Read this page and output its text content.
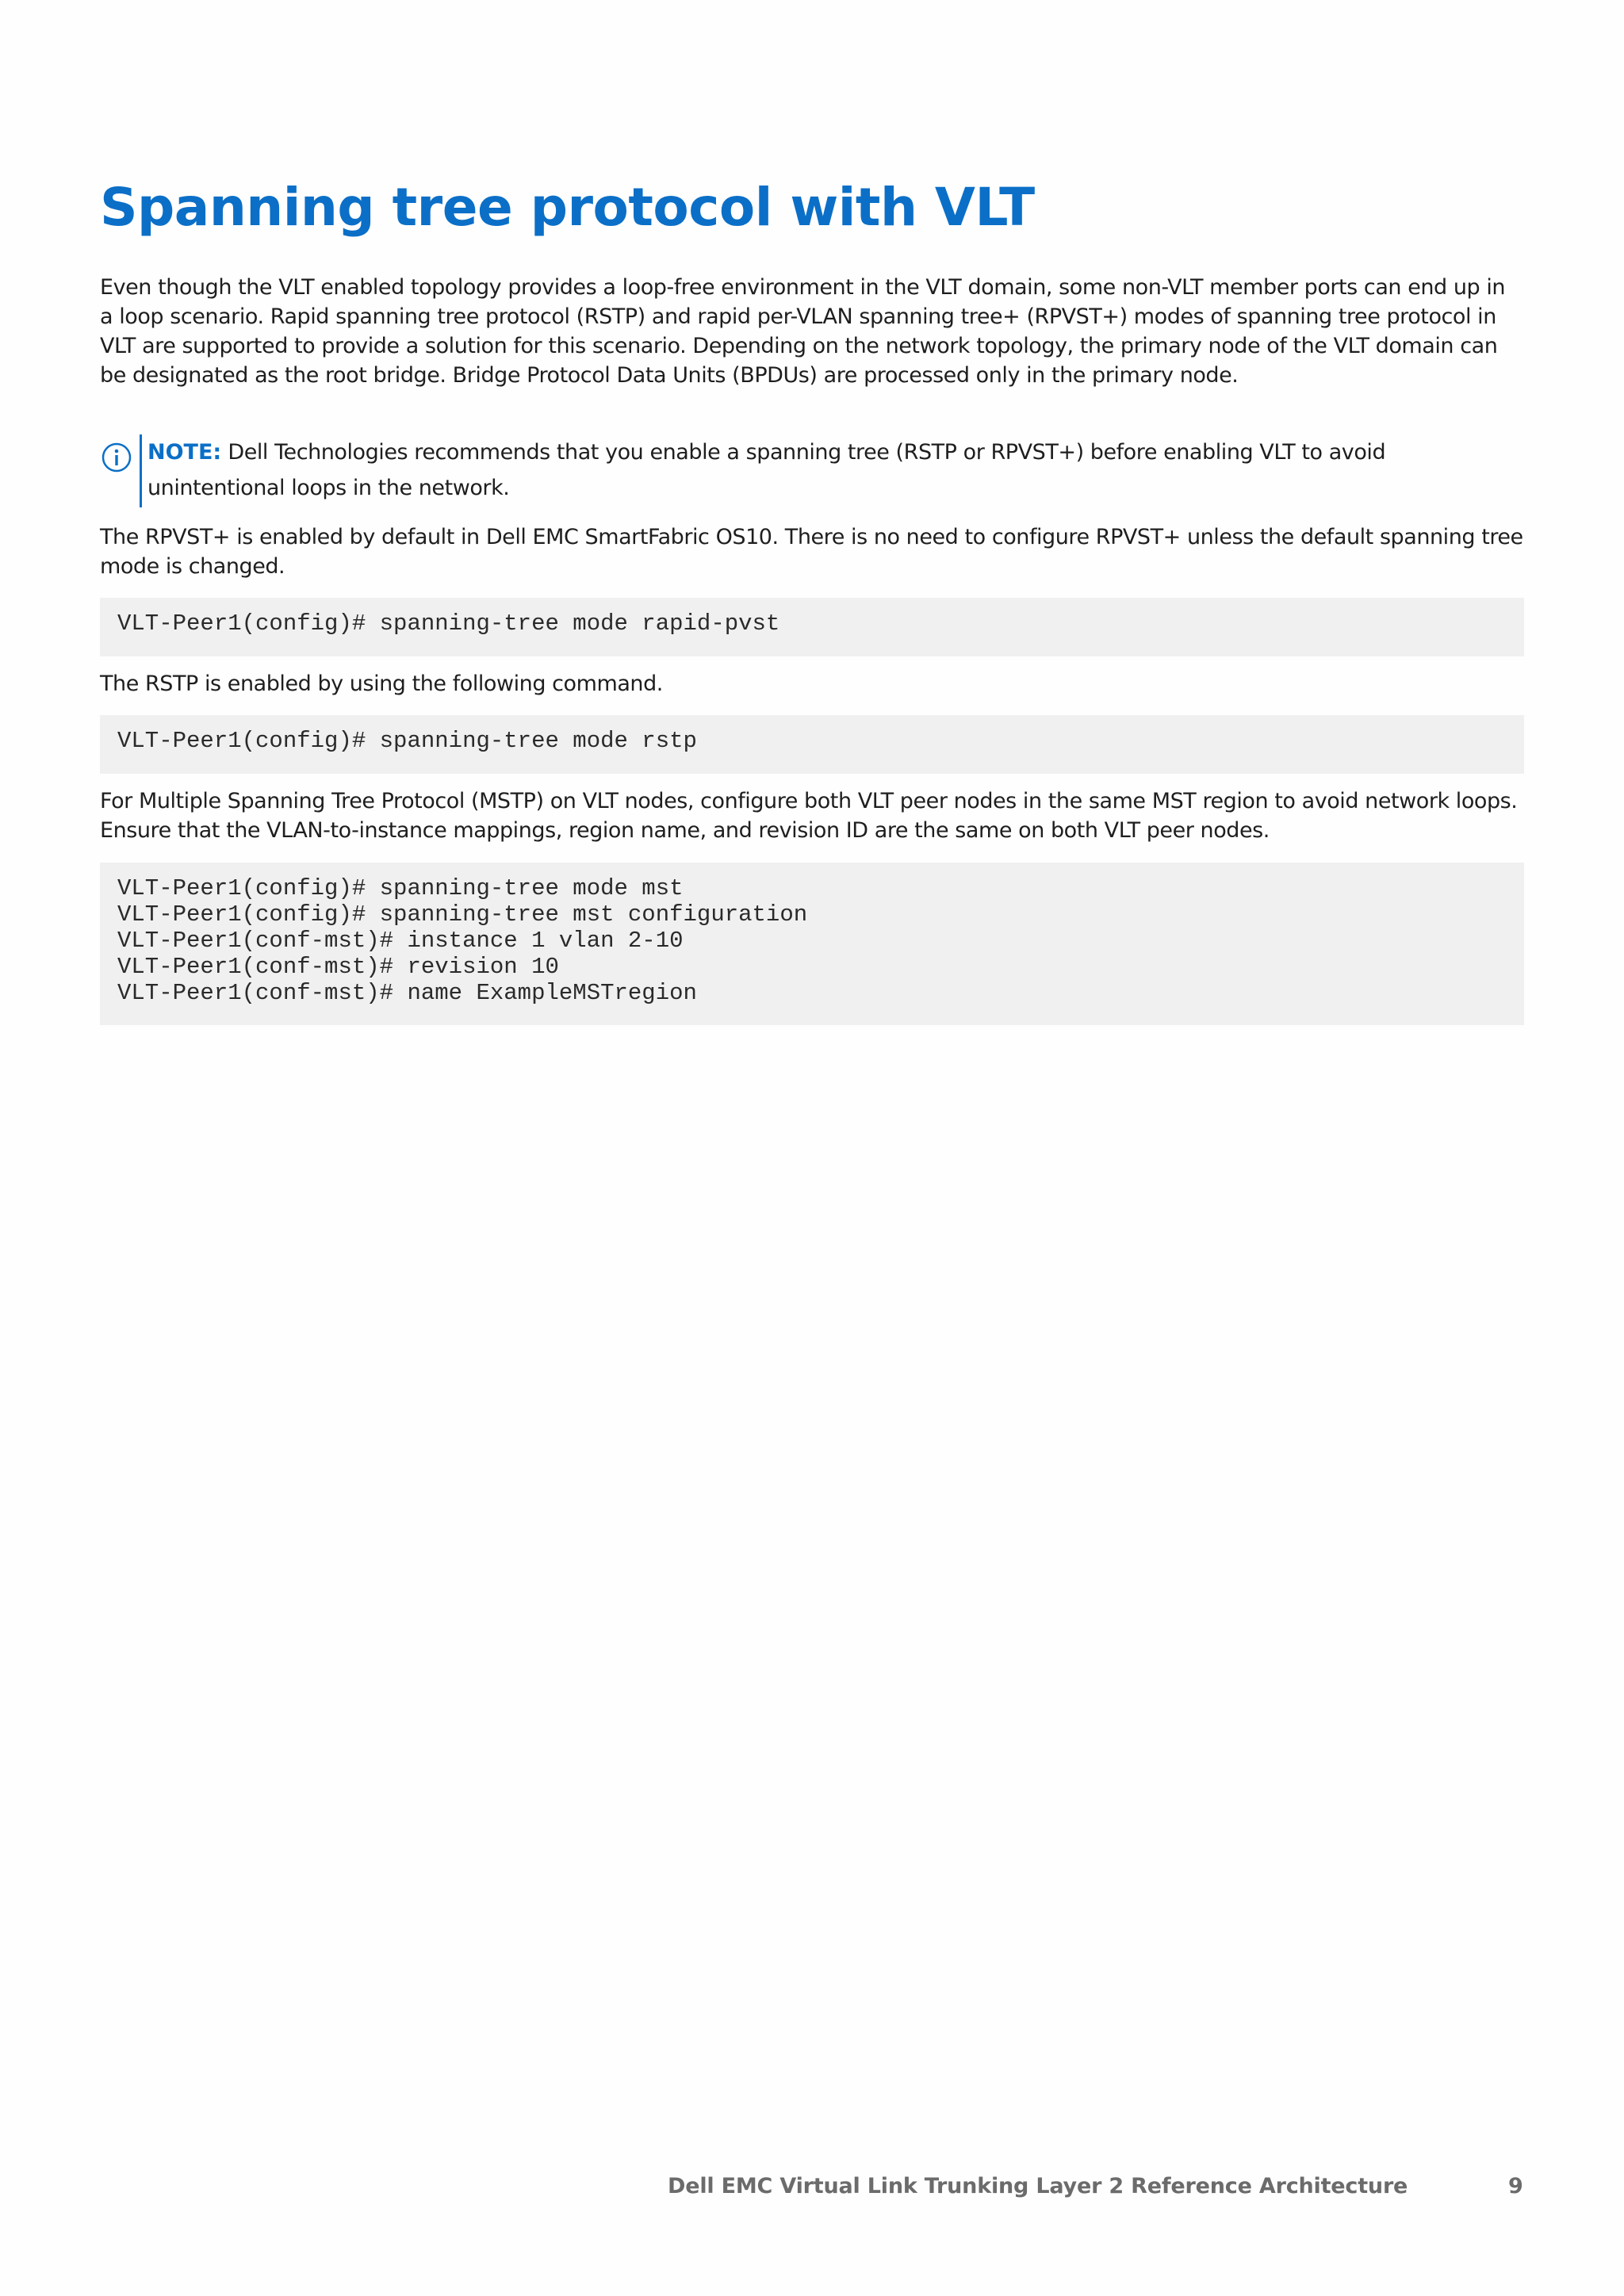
Spanning tree protocol with VLT

Even though the VLT enabled topology provides a loop-free environment in the VLT domain, some non-VLT member ports can end up in a loop scenario. Rapid spanning tree protocol (RSTP) and rapid per-VLAN spanning tree+ (RPVST+) modes of spanning tree protocol in VLT are supported to provide a solution for this scenario. Depending on the network topology, the primary node of the VLT domain can be designated as the root bridge. Bridge Protocol Data Units (BPDUs) are processed only in the primary node.

NOTE: Dell Technologies recommends that you enable a spanning tree (RSTP or RPVST+) before enabling VLT to avoid unintentional loops in the network.

The RPVST+ is enabled by default in Dell EMC SmartFabric OS10. There is no need to configure RPVST+ unless the default spanning tree mode is changed.

VLT-Peer1(config)# spanning-tree mode rapid-pvst

The RSTP is enabled by using the following command.

VLT-Peer1(config)# spanning-tree mode rstp

For Multiple Spanning Tree Protocol (MSTP) on VLT nodes, configure both VLT peer nodes in the same MST region to avoid network loops. Ensure that the VLAN-to-instance mappings, region name, and revision ID are the same on both VLT peer nodes.

VLT-Peer1(config)# spanning-tree mode mst
VLT-Peer1(config)# spanning-tree mst configuration
VLT-Peer1(conf-mst)# instance 1 vlan 2-10
VLT-Peer1(conf-mst)# revision 10
VLT-Peer1(conf-mst)# name ExampleMSTregion
Dell EMC Virtual Link Trunking Layer 2 Reference Architecture	9
